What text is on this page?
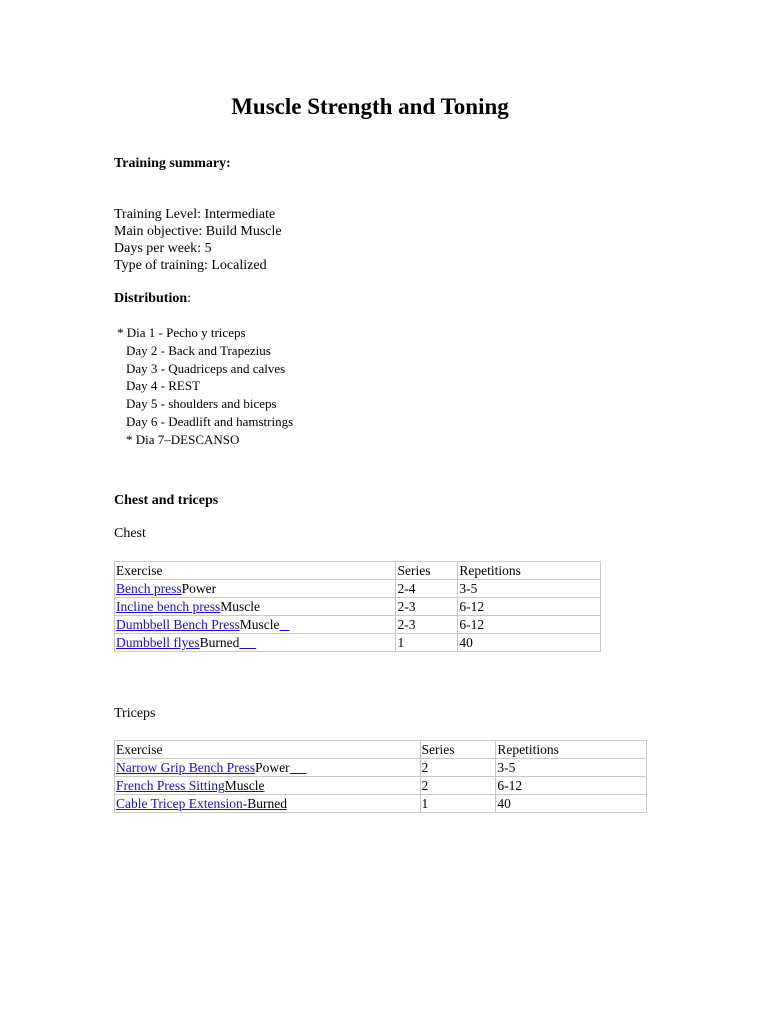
Muscle Strength and Toning
Training summary:
Training Level: Intermediate
Main objective: Build Muscle
Days per week: 5
Type of training: Localized
Distribution:
* Dia 1 - Pecho y triceps
Day 2 - Back and Trapezius
Day 3 - Quadriceps and calves
Day 4 - REST
Day 5 - shoulders and biceps
Day 6 - Deadlift and hamstrings
* Dia 7–DESCANSO
Chest and triceps
Chest
Exercise	Series	Repetitions
Bench pressPower	2-4	3-5
Incline bench pressMuscle	2-3	6-12
Dumbbell Bench PressMuscle	2-3	6-12
Dumbbell flyesBurned	1	40
Triceps
Exercise	Series	Repetitions
Narrow Grip Bench PressPower	2	3-5
French Press SittingMuscle	2	6-12
Cable Tricep Extension-Burned	1	40
